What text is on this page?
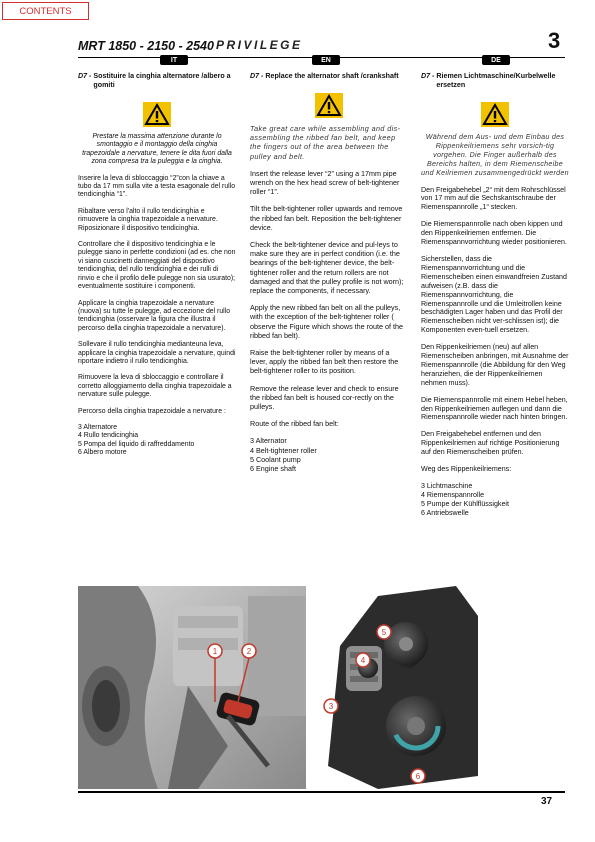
CONTENTS
MRT 1850 - 2150 - 2540 PRIVILEGE	3
IT	EN	DE
D7 - Sostituire la cinghia alternatore /albero a gomiti

Prestare la massima attenzione durante lo smontaggio e il montaggio della cinghia trapezoidale a nervature, tenere le dita fuori dalla zona compresa tra la puleggia e la cinghia.

Inserire la leva di sbloccaggio “2”con la chiave a tubo da 17 mm sulla vite a testa esagonale del rullo tendicinghia “1”.

Ribaltare verso l'alto il rullo tendicinghia e rimuovere la cinghia trapezoidale a nervature. Riposizionare il dispositivo tendicinghia.

Controllare che il dispositivo tendicinghia e le pulegge siano in perfette condizioni (ad es. che non vi siano cuscinetti danneggiati del dispositivo tendicinghia, del rullo tendicinghia e dei rulli di rinvio e che il profilo delle pulegge non sia usurato); eventualmente sostituire i componenti.

Applicare la cinghia trapezoidale a nervature (nuova) su tutte le pulegge, ad eccezione del rullo tendicinghia (osservare la figura che illustra il percorso della cinghia trapezoidale a nervature).

Sollevare il rullo tendicinghia medianteuna leva, applicare la cinghia trapezoidale a nervature, quindi riportare indietro il rullo tendicinghia.

Rimuovere la leva di sbloccaggio e controllare il corretto alloggiamento della cinghia trapezoidale a nervature sulle pulegge.

Percorso della cinghia trapezoidale a nervature :

3 Alternatore
4 Rullo tendicinghia
5 Pompa del liquido di raffreddamento
6 Albero motore
D7 - Replace the alternator shaft /crankshaft

Take great care while assembling and dis-assembling the ribbed fan belt, and keep the fingers out of the area between the pulley and belt.

Insert the release lever “2” using a 17mm pipe wrench on the hex head screw of belt-tightener roller “1”.

Tilt the belt-tightener roller upwards and remove the ribbed fan belt. Reposition the belt-tightener device.

Check the belt-tightener device and pul-leys to make sure they are in perfect condition (i.e. the bearings of the belt-tightener device, the belt-tightener roller and the return rollers are not damaged and that the pulley profile is not worn); replace the components, if necessary.

Apply the new ribbed fan belt on all the pulleys, with the exception of the belt-tightener roller ( observe the Figure which shows the route of the ribbed fan belt).

Raise the belt-tightener roller by means of a lever, apply the ribbed fan belt then restore the belt-tightener roller to its position.

Remove the release lever and check to ensure the ribbed fan belt is housed cor-rectly on the pulleys.

Route of the ribbed fan belt:

3 Alternator
4 Belt-tightener roller
5 Coolant pump
6 Engine shaft
D7 - Riemen Lichtmaschine/Kurbelwelle ersetzen

Während dem Aus- und dem Einbau des Rippenkeilriemens sehr vorsich-tig vorgehen. Die Finger außerhalb des Bereichs halten, in dem Riemenscheibe und Keilriemen zusammengedrückt werden

Den Freigabehebel „2“ mit dem Rohrschlüssel von 17 mm auf die Sechskantschraube der Riemenspannrolle „1“ stecken.

Die Riemenspannrolle nach oben kippen und den Rippenkeilriemen entfernen. Die Riemenspannvorrichtung wieder positionieren.

Sicherstellen, dass die Riemenspannvorrichtung und die Riemenscheiben einen einwandfreien Zustand aufweisen (z.B. dass die Riemenspannvorrichtung, die Riemenspannrolle und die Umleitrollen keine beschädigten Lager haben und das Profil der Riemenscheiben nicht ver-schlissen ist); die Komponenten even-tuell ersetzen.

Den Rippenkeilriemen (neu) auf allen Riemenscheiben anbringen, mit Ausnahme der Riemenspannrolle (die Abbildung für den Weg heranziehen, die der Rippenkeilriemen nehmen muss).

Die Riemenspannrolle mit einem Hebel heben, den Rippenkeilriemen auflegen und dann die Riemenspannrolle wieder nach hinten bringen.

Den Freigabehebel entfernen und den Rippenkeilriemen auf richtige Positionierung auf den Riemenscheiben prüfen.

Weg des Rippenkeilriemens:

3 Lichtmaschine
4 Riemenspannrolle
5 Pumpe der Kühlflüssigkeit
6 Antriebswelle
1	2
5
4
3
6
37
